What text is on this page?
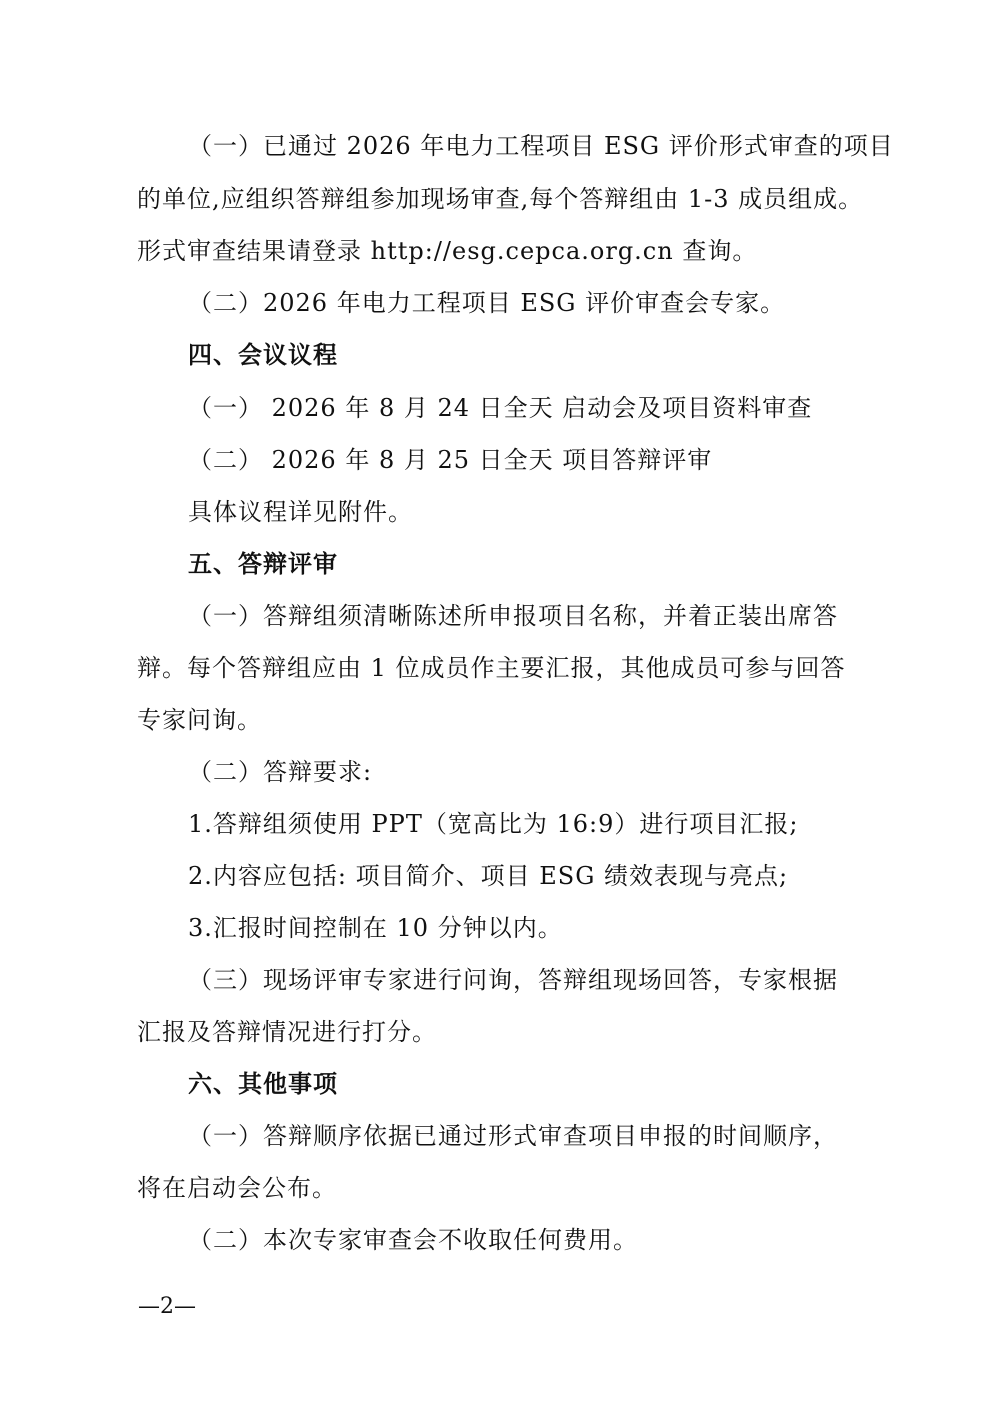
（一）已通过 2026 年电力工程项目 ESG 评价形式审查的项目
的单位,应组织答辩组参加现场审查,每个答辩组由 1-3 成员组成。
形式审查结果请登录 http://esg.cepca.org.cn 查询。
（二）2026 年电力工程项目 ESG 评价审查会专家。
四、会议议程
（一） 2026 年 8 月 24 日全天 启动会及项目资料审查
（二） 2026 年 8 月 25 日全天 项目答辩评审
具体议程详见附件。
五、答辩评审
（一）答辩组须清晰陈述所申报项目名称，并着正装出席答
辩。每个答辩组应由 1 位成员作主要汇报，其他成员可参与回答
专家问询。
（二）答辩要求:
1.答辩组须使用 PPT（宽高比为 16:9）进行项目汇报;
2.内容应包括: 项目简介、项目 ESG 绩效表现与亮点;
3.汇报时间控制在 10 分钟以内。
（三）现场评审专家进行问询，答辩组现场回答，专家根据
汇报及答辩情况进行打分。
六、其他事项
（一）答辩顺序依据已通过形式审查项目申报的时间顺序，
将在启动会公布。
（二）本次专家审查会不收取任何费用。
—2—
